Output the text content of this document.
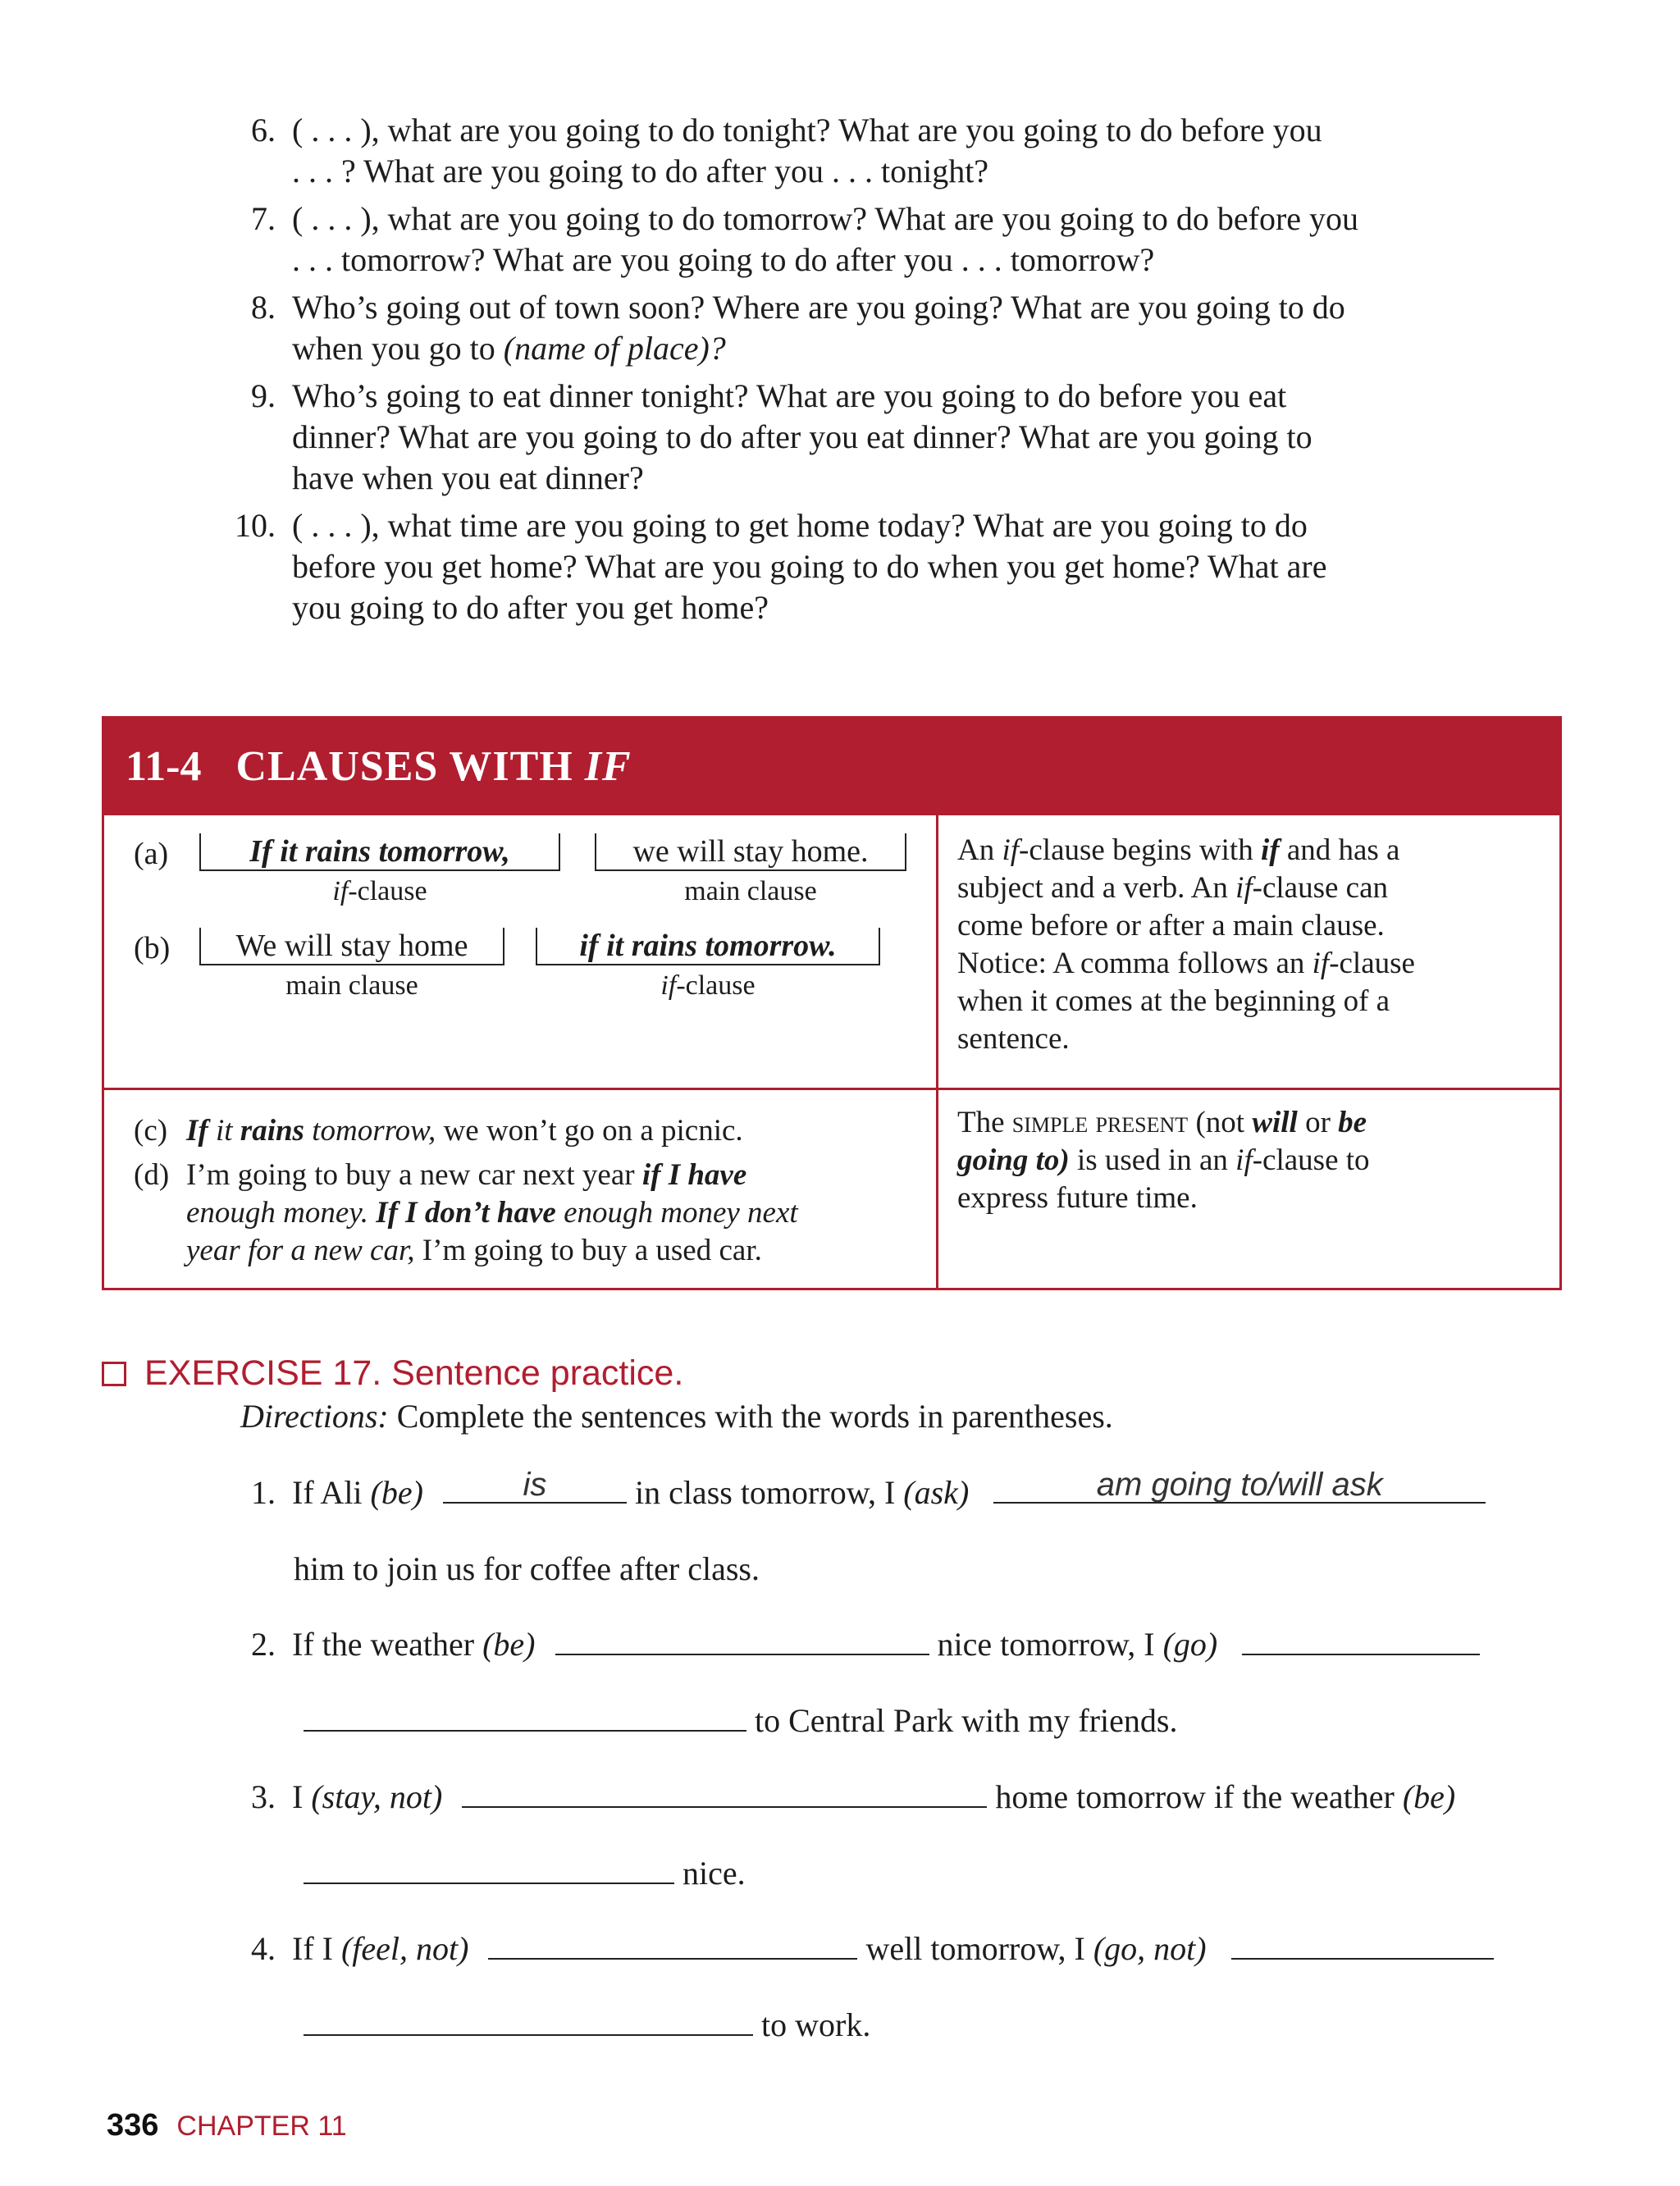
6. ( . . . ), what are you going to do tonight? What are you going to do before you
. . . ? What are you going to do after you . . . tonight?
7. ( . . . ), what are you going to do tomorrow? What are you going to do before you
. . . tomorrow? What are you going to do after you . . . tomorrow?
8. Who’s going out of town soon? Where are you going? What are you going to do
when you go to (name of place)?
9. Who’s going to eat dinner tonight? What are you going to do before you eat
dinner? What are you going to do after you eat dinner? What are you going to
have when you eat dinner?
10. ( . . . ), what time are you going to get home today? What are you going to do
before you get home? What are you going to do when you get home? What are
you going to do after you get home?
11-4 CLAUSES WITH IF
(a)	If it rains tomorrow,	we will stay home.
if-clause	main clause
(b)	We will stay home	if it rains tomorrow.
main clause	if-clause
An if-clause begins with if and has a
subject and a verb. An if-clause can
come before or after a main clause.
Notice: A comma follows an if-clause
when it comes at the beginning of a
sentence.
(c) If it rains tomorrow, we won’t go on a picnic.
(d) I’m going to buy a new car next year if I have
enough money. If I don’t have enough money next
year for a new car, I’m going to buy a used car.
The simple present (not will or be
going to) is used in an if-clause to
express future time.
EXERCISE 17. Sentence practice.
Directions: Complete the sentences with the words in parentheses.
1. If Ali (be)	is	in class tomorrow, I (ask)	am going to/will ask
him to join us for coffee after class.
2. If the weather (be)	nice tomorrow, I (go)
to Central Park with my friends.
3. I (stay, not)	home tomorrow if the weather (be)
nice.
4. If I (feel, not)	well tomorrow, I (go, not)
to work.
336 CHAPTER 11
